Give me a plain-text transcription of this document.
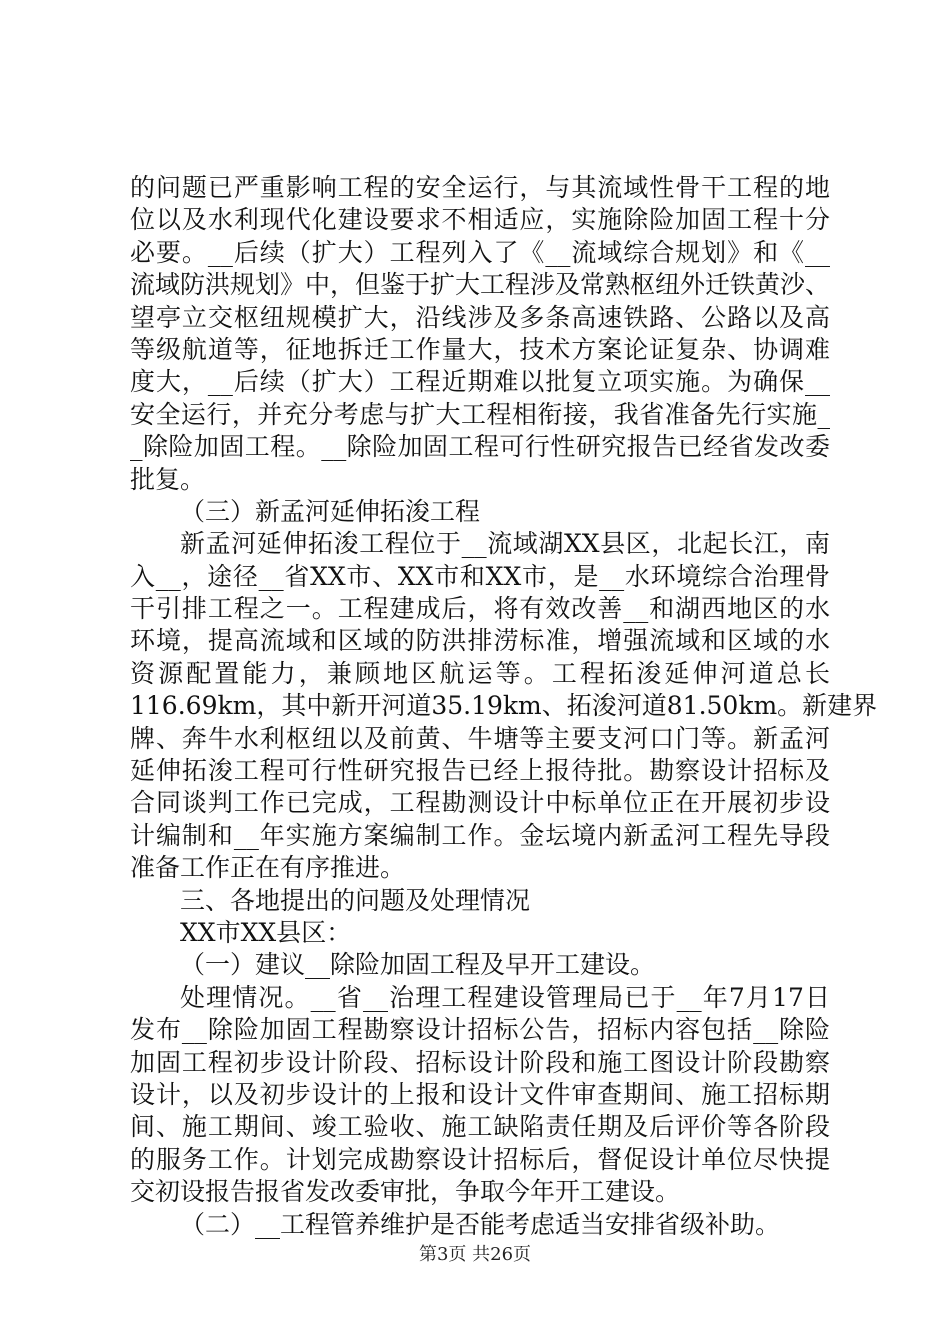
的问题已严重影响工程的安全运行，与其流域性骨干工程的地
位以及水利现代化建设要求不相适应，实施除险加固工程十分
必要。__后续（扩大）工程列入了《__流域综合规划》和《__
流域防洪规划》中，但鉴于扩大工程涉及常熟枢纽外迁铁黄沙、
望亭立交枢纽规模扩大，沿线涉及多条高速铁路、公路以及高
等级航道等，征地拆迁工作量大，技术方案论证复杂、协调难
度大，__后续（扩大）工程近期难以批复立项实施。为确保__
安全运行，并充分考虑与扩大工程相衔接，我省准备先行实施_
_除险加固工程。__除险加固工程可行性研究报告已经省发改委
批复。
（三）新孟河延伸拓浚工程
新孟河延伸拓浚工程位于__流域湖XX县区，北起长江，南
入__，途径__省XX市、XX市和XX市，是__水环境综合治理骨
干引排工程之一。工程建成后，将有效改善__和湖西地区的水
环境，提高流域和区域的防洪排涝标准，增强流域和区域的水
资源配置能力，兼顾地区航运等。工程拓浚延伸河道总长
116.69km，其中新开河道35.19km、拓浚河道81.50km。新建界
牌、奔牛水利枢纽以及前黄、牛塘等主要支河口门等。新孟河
延伸拓浚工程可行性研究报告已经上报待批。勘察设计招标及
合同谈判工作已完成，工程勘测设计中标单位正在开展初步设
计编制和__年实施方案编制工作。金坛境内新孟河工程先导段
准备工作正在有序推进。
三、各地提出的问题及处理情况
XX市XX县区：
（一）建议__除险加固工程及早开工建设。
处理情况。__省__治理工程建设管理局已于__年7月17日
发布__除险加固工程勘察设计招标公告，招标内容包括__除险
加固工程初步设计阶段、招标设计阶段和施工图设计阶段勘察
设计，以及初步设计的上报和设计文件审查期间、施工招标期
间、施工期间、竣工验收、施工缺陷责任期及后评价等各阶段
的服务工作。计划完成勘察设计招标后，督促设计单位尽快提
交初设报告报省发改委审批，争取今年开工建设。
（二）__工程管养维护是否能考虑适当安排省级补助。
第3页 共26页
